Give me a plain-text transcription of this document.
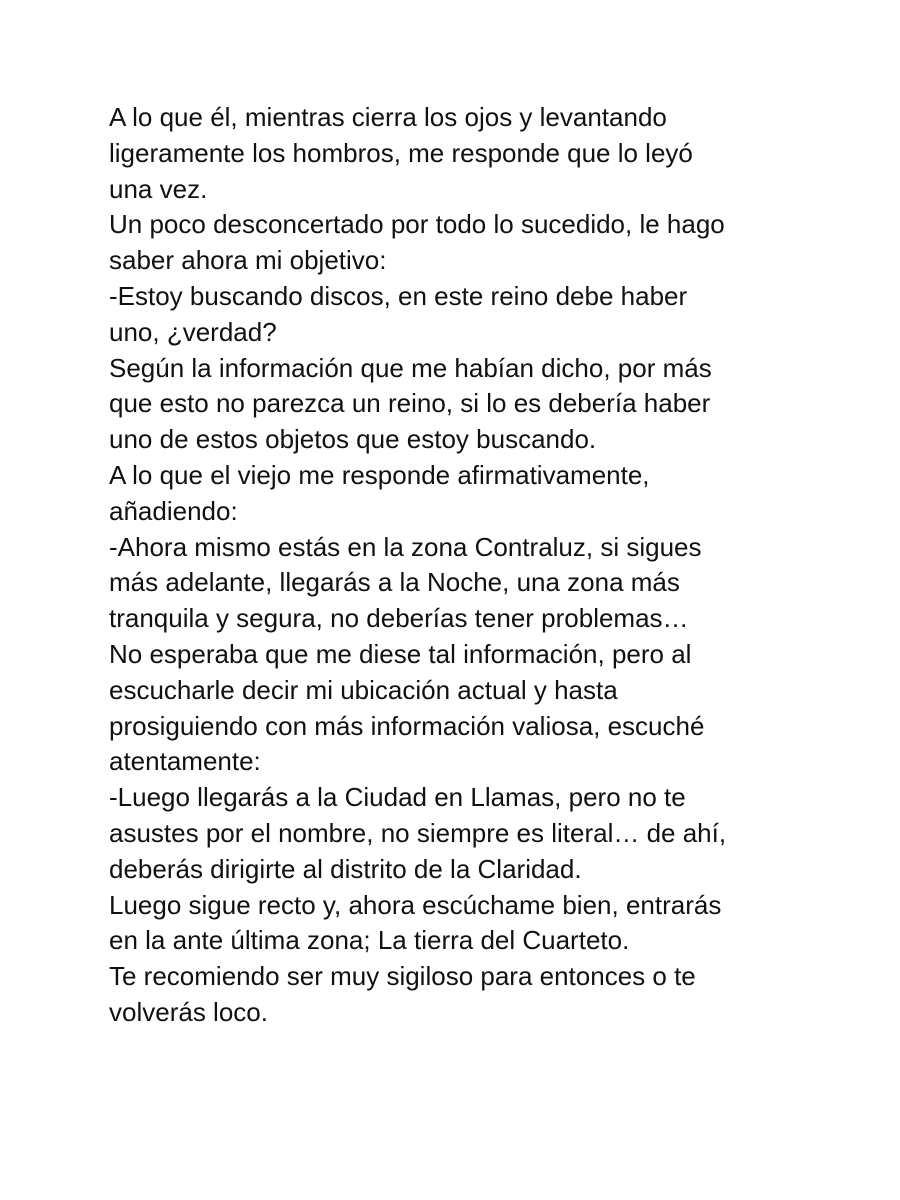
A lo que él, mientras cierra los ojos y levantando
ligeramente los hombros, me responde que lo leyó
una vez.
Un poco desconcertado por todo lo sucedido, le hago
saber ahora mi objetivo:
-Estoy buscando discos, en este reino debe haber
uno, ¿verdad?
Según la información que me habían dicho, por más
que esto no parezca un reino, si lo es debería haber
uno de estos objetos que estoy buscando.
A lo que el viejo me responde afirmativamente,
añadiendo:
-Ahora mismo estás en la zona Contraluz, si sigues
más adelante, llegarás a la Noche, una zona más
tranquila y segura, no deberías tener problemas…
No esperaba que me diese tal información, pero al
escucharle decir mi ubicación actual y hasta
prosiguiendo con más información valiosa, escuché
atentamente:
-Luego llegarás a la Ciudad en Llamas, pero no te
asustes por el nombre, no siempre es literal… de ahí,
deberás dirigirte al distrito de la Claridad.
Luego sigue recto y, ahora escúchame bien, entrarás
en la ante última zona; La tierra del Cuarteto.
Te recomiendo ser muy sigiloso para entonces o te
volverás loco.
